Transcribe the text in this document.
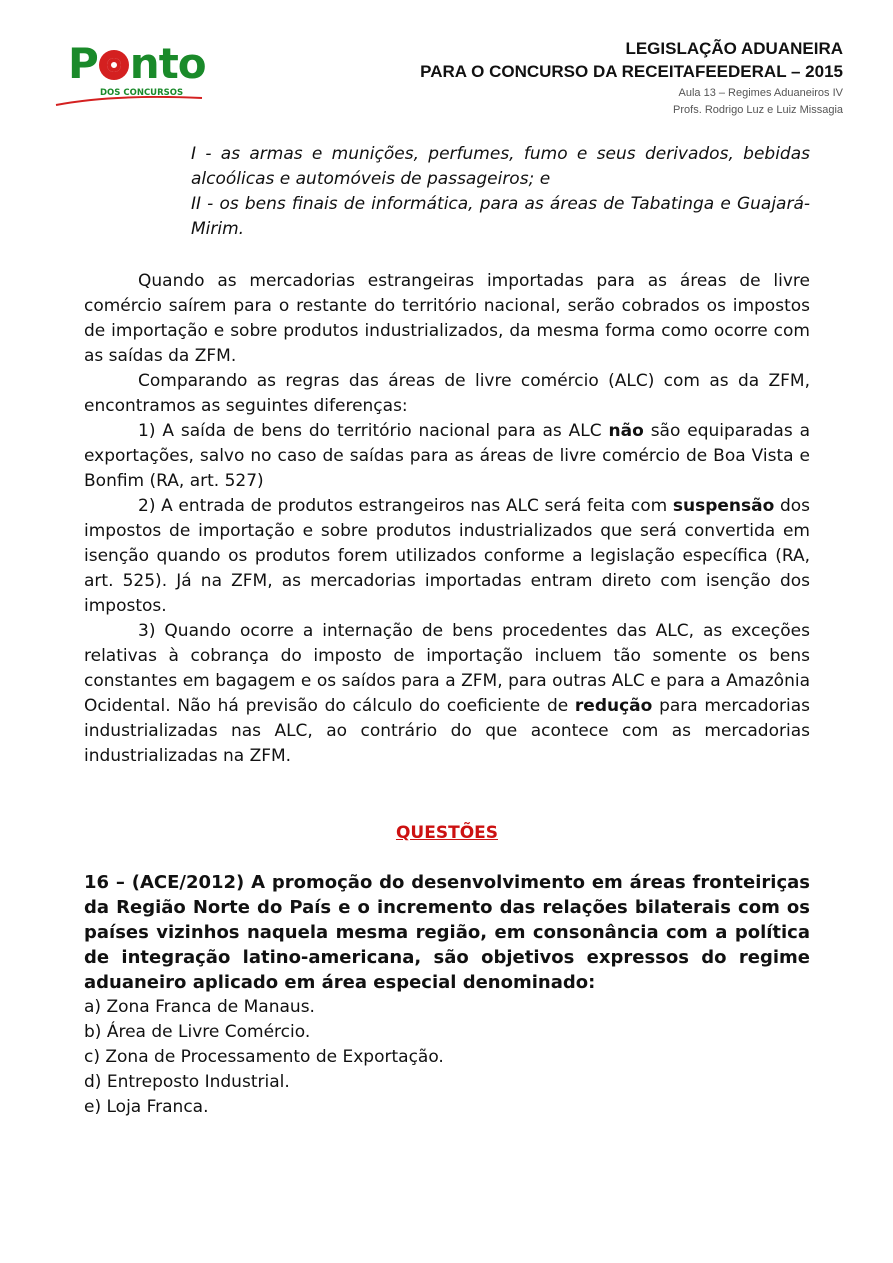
P nto
DOS CONCURSOS
LEGISLAÇÃO ADUANEIRA
PARA O CONCURSO DA RECEITAFEEDERAL – 2015
Aula 13 – Regimes Aduaneiros IV
Profs. Rodrigo Luz e Luiz Missagia

I - as armas e munições, perfumes, fumo e seus derivados, bebidas alcoólicas e automóveis de passageiros; e

II - os bens finais de informática, para as áreas de Tabatinga e Guajará-Mirim.

Quando as mercadorias estrangeiras importadas para as áreas de livre comércio saírem para o restante do território nacional, serão cobrados os impostos de importação e sobre produtos industrializados, da mesma forma como ocorre com as saídas da ZFM.

Comparando as regras das áreas de livre comércio (ALC) com as da ZFM, encontramos as seguintes diferenças:

1) A saída de bens do território nacional para as ALC não são equiparadas a exportações, salvo no caso de saídas para as áreas de livre comércio de Boa Vista e Bonfim (RA, art. 527)

2) A entrada de produtos estrangeiros nas ALC será feita com suspensão dos impostos de importação e sobre produtos industrializados que será convertida em isenção quando os produtos forem utilizados conforme a legislação específica (RA, art. 525). Já na ZFM, as mercadorias importadas entram direto com isenção dos impostos.

3) Quando ocorre a internação de bens procedentes das ALC, as exceções relativas à cobrança do imposto de importação incluem tão somente os bens constantes em bagagem e os saídos para a ZFM, para outras ALC e para a Amazônia Ocidental. Não há previsão do cálculo do coeficiente de redução para mercadorias industrializadas nas ALC, ao contrário do que acontece com as mercadorias industrializadas na ZFM.

QUESTÕES

16 – (ACE/2012) A promoção do desenvolvimento em áreas fronteiriças da Região Norte do País e o incremento das relações bilaterais com os países vizinhos naquela mesma região, em consonância com a política de integração latino-americana, são objetivos expressos do regime aduaneiro aplicado em área especial denominado:

a) Zona Franca de Manaus.
b) Área de Livre Comércio.
c) Zona de Processamento de Exportação.
d) Entreposto Industrial.
e) Loja Franca.
